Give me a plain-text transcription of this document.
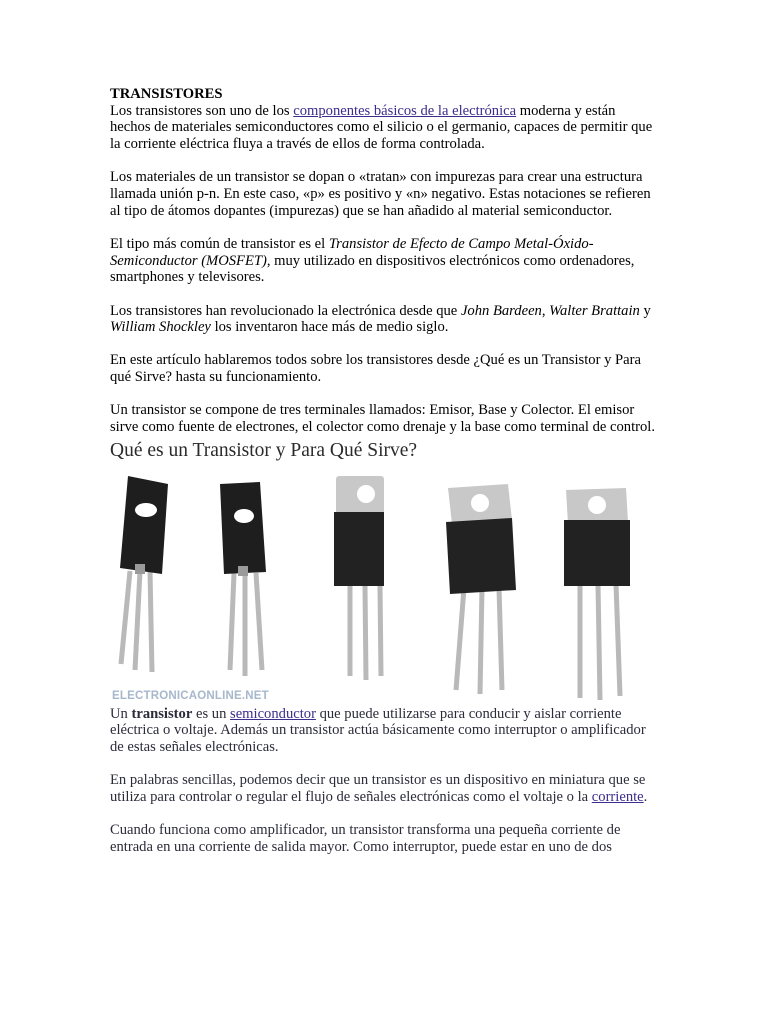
TRANSISTORES

Los transistores son uno de los componentes básicos de la electrónica moderna y están hechos de materiales semiconductores como el silicio o el germanio, capaces de permitir que la corriente eléctrica fluya a través de ellos de forma controlada.

Los materiales de un transistor se dopan o «tratan» con impurezas para crear una estructura llamada unión p-n. En este caso, «p» es positivo y «n» negativo. Estas notaciones se refieren al tipo de átomos dopantes (impurezas) que se han añadido al material semiconductor.

El tipo más común de transistor es el Transistor de Efecto de Campo Metal-Óxido-Semiconductor (MOSFET), muy utilizado en dispositivos electrónicos como ordenadores, smartphones y televisores.

Los transistores han revolucionado la electrónica desde que John Bardeen, Walter Brattain y William Shockley los inventaron hace más de medio siglo.

En este artículo hablaremos todos sobre los transistores desde ¿Qué es un Transistor y Para qué Sirve? hasta su funcionamiento.

Un transistor se compone de tres terminales llamados: Emisor, Base y Colector. El emisor sirve como fuente de electrones, el colector como drenaje y la base como terminal de control.

Qué es un Transistor y Para Qué Sirve?
ELECTRONICAONLINE.NET

Un transistor es un semiconductor que puede utilizarse para conducir y aislar corriente eléctrica o voltaje. Además un transistor actúa básicamente como interruptor o amplificador de estas señales electrónicas.

En palabras sencillas, podemos decir que un transistor es un dispositivo en miniatura que se utiliza para controlar o regular el flujo de señales electrónicas como el voltaje o la corriente.

Cuando funciona como amplificador, un transistor transforma una pequeña corriente de entrada en una corriente de salida mayor. Como interruptor, puede estar en uno de dos
